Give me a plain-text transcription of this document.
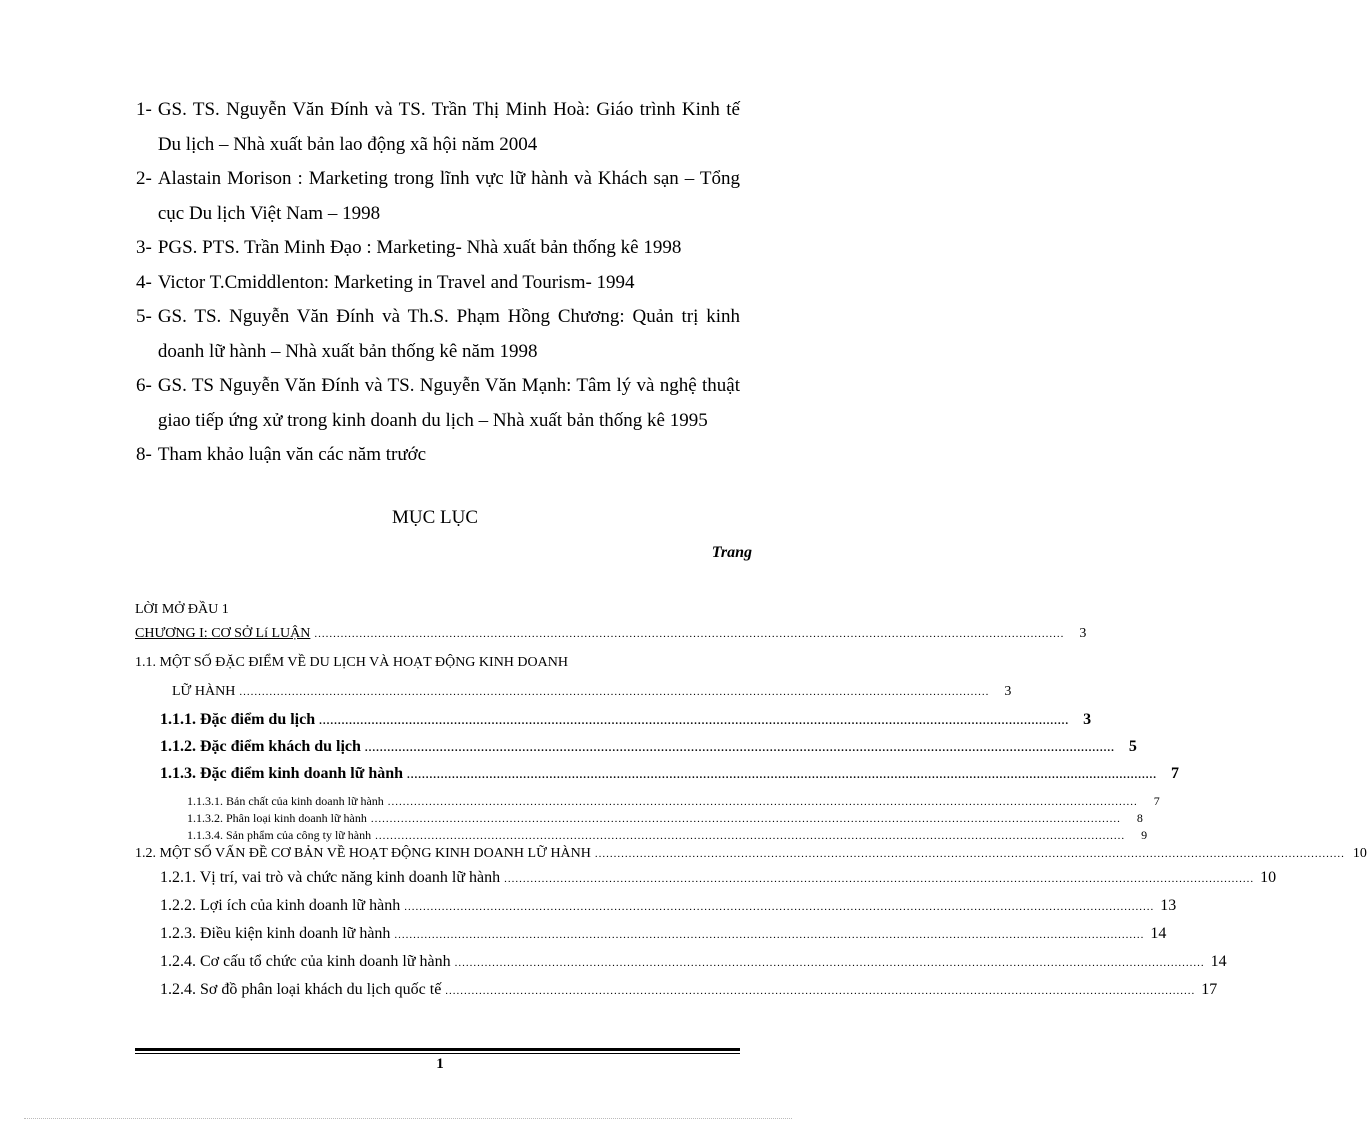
1- GS. TS. Nguyễn Văn Đính và TS. Trần Thị Minh Hoà: Giáo trình Kinh tế Du lịch – Nhà xuất bản lao động xã hội năm 2004
2- Alastain Morison : Marketing trong lĩnh vực lữ hành và Khách sạn – Tổng cục Du lịch Việt Nam – 1998
3- PGS. PTS. Trần Minh Đạo : Marketing- Nhà xuất bản thống kê 1998
4- Victor T.Cmiddlenton: Marketing in Travel and Tourism- 1994
5- GS. TS. Nguyễn Văn Đính và Th.S. Phạm Hồng Chương: Quản trị kinh doanh lữ hành – Nhà xuất bản thống kê năm 1998
6- GS. TS Nguyễn Văn Đính và TS. Nguyễn Văn Mạnh: Tâm lý và nghệ thuật giao tiếp ứng xử trong kinh doanh du lịch – Nhà xuất bản thống kê 1995
8- Tham khảo luận văn các năm trước
MỤC LỤC
Trang
LỜI MỞ ĐẦU 1
CHƯƠNG I: CƠ SỞ Lí LUẬN ........................................................................................................................................................................................................	3
1.1. MỘT SỐ ĐẶC ĐIỂM VỀ DU LỊCH VÀ HOẠT ĐỘNG KINH DOANH
LỮ HÀNH ........................................................................................................................................................................................................	3
1.1.1. Đặc điểm du lịch ........................................................................................................................................................................................................ 3
1.1.2. Đặc điểm khách du lịch ........................................................................................................................................................................................................ 5
1.1.3. Đặc điểm kinh doanh lữ hành ........................................................................................................................................................................................................ 7
1.1.3.1. Bản chất của kinh doanh lữ hành ........................................................................................................................................................................................................	7
1.1.3.2. Phân loại kinh doanh lữ hành ........................................................................................................................................................................................................	8
1.1.3.4. Sản phẩm của công ty lữ hành ........................................................................................................................................................................................................	9
1.2. MỘT SỐ VẤN ĐỀ CƠ BẢN VỀ HOẠT ĐỘNG KINH DOANH LỮ HÀNH ........................................................................................................................................................................................................ 10
1.2.1. Vị trí, vai trò và chức năng kinh doanh lữ hành ........................................................................................................................................................................................................ 10
1.2.2. Lợi ích của kinh doanh lữ hành ........................................................................................................................................................................................................ 13
1.2.3. Điều kiện kinh doanh lữ hành ........................................................................................................................................................................................................ 14
1.2.4. Cơ cấu tổ chức của kinh doanh lữ hành ........................................................................................................................................................................................................ 14
1.2.4. Sơ đồ phân loại khách du lịch quốc tế ........................................................................................................................................................................................................ 17
1
